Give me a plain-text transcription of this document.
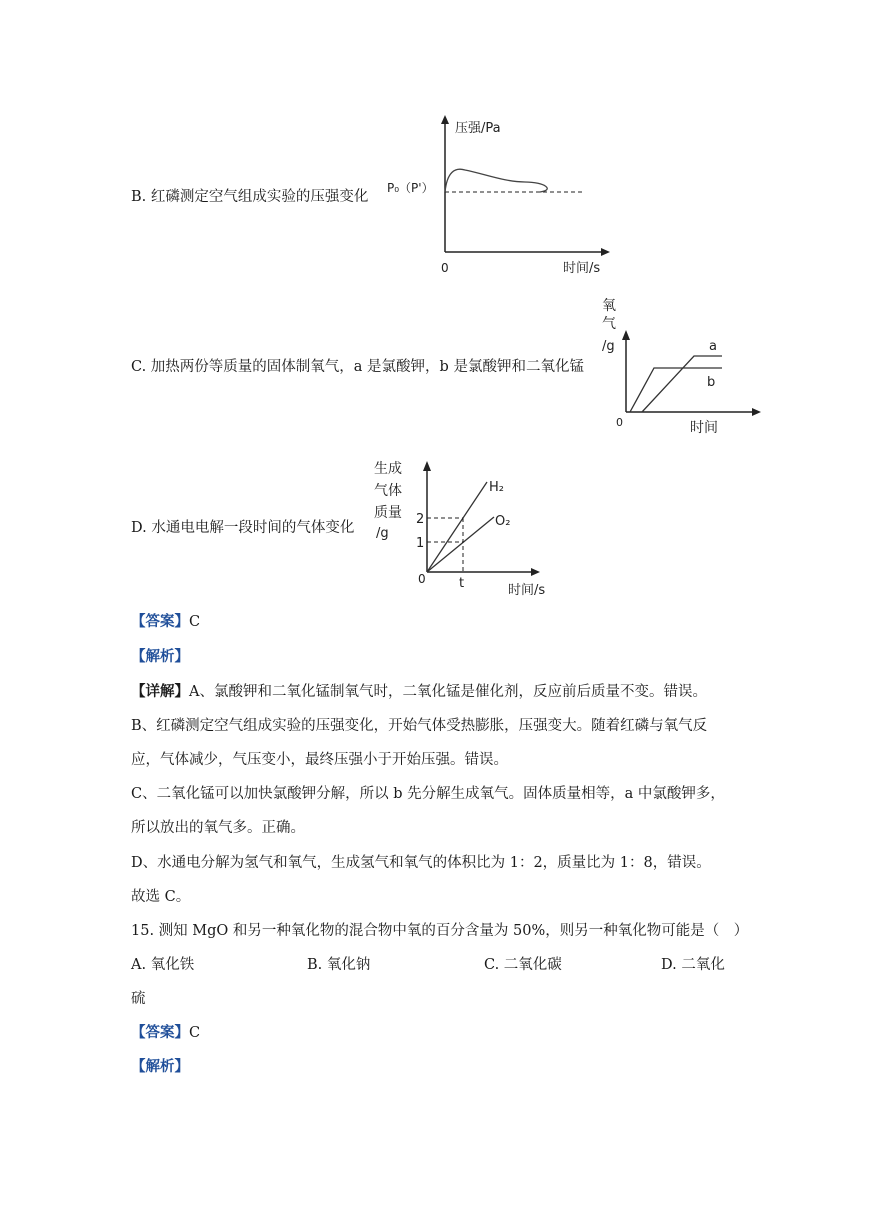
B. 红磷测定空气组成实验的压强变化
压强/Pa
P₀（P'）
0	时间/s
C. 加热两份等质量的固体制氧气，a 是氯酸钾，b 是氯酸钾和二氧化锰
氧
气
/g	a
b
0	时间
D. 水通电电解一段时间的气体变化
生成
气体
质量
/g
2
1
t
0
H₂
O₂
时间/s
【答案】C
【解析】
【详解】A、氯酸钾和二氧化锰制氧气时，二氧化锰是催化剂，反应前后质量不变。错误。
B、红磷测定空气组成实验的压强变化，开始气体受热膨胀，压强变大。随着红磷与氧气反
应，气体减少，气压变小，最终压强小于开始压强。错误。
C、二氧化锰可以加快氯酸钾分解，所以 b 先分解生成氧气。固体质量相等，a 中氯酸钾多，
所以放出的氧气多。正确。
D、水通电分解为氢气和氧气，生成氢气和氧气的体积比为 1：2，质量比为 1：8，错误。
故选 C。
15. 测知 MgO 和另一种氧化物的混合物中氧的百分含量为 50%，则另一种氧化物可能是（　）
A. 氧化铁	B. 氧化钠	C. 二氧化碳	D. 二氧化
硫
【答案】C
【解析】
